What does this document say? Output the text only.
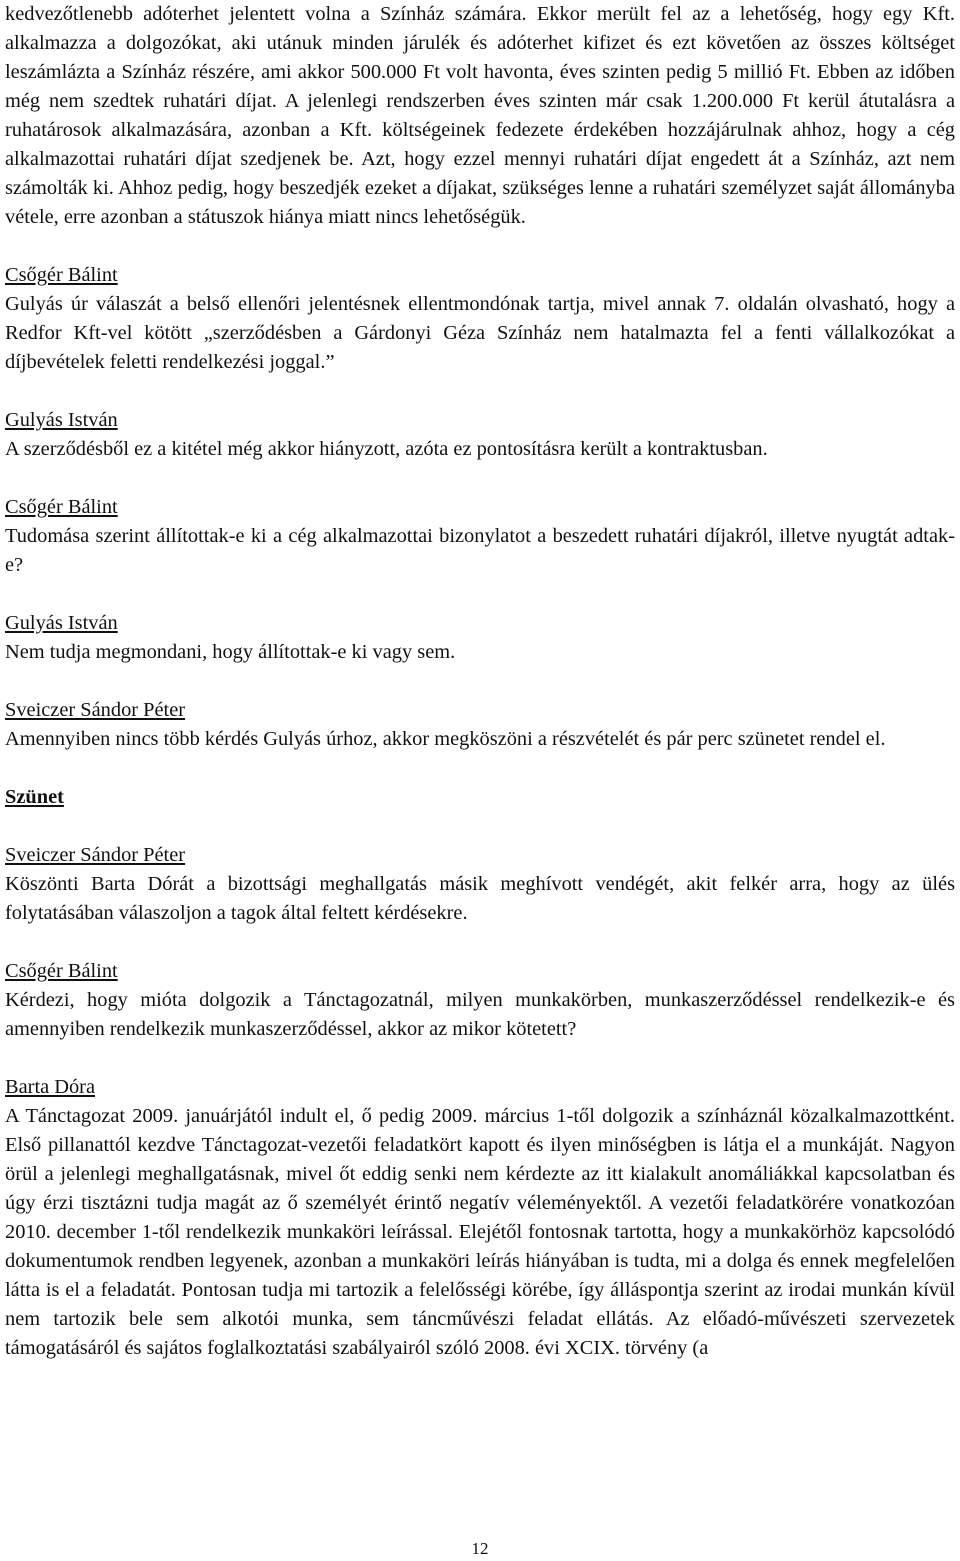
kedvezőtlenebb adóterhet jelentett volna a Színház számára. Ekkor merült fel az a lehetőség, hogy egy Kft. alkalmazza a dolgozókat, aki utánuk minden járulék és adóterhet kifizet és ezt követően az összes költséget leszámlázta a Színház részére, ami akkor 500.000 Ft volt havonta, éves szinten pedig 5 millió Ft. Ebben az időben még nem szedtek ruhatári díjat. A jelenlegi rendszerben éves szinten már csak 1.200.000 Ft kerül átutalásra a ruhatárosok alkalmazására, azonban a Kft. költségeinek fedezete érdekében hozzájárulnak ahhoz, hogy a cég alkalmazottai ruhatári díjat szedjenek be. Azt, hogy ezzel mennyi ruhatári díjat engedett át a Színház, azt nem számolták ki. Ahhoz pedig, hogy beszedjék ezeket a díjakat, szükséges lenne a ruhatári személyzet saját állományba vétele, erre azonban a státuszok hiánya miatt nincs lehetőségük.

Csőgér Bálint

Gulyás úr válaszát a belső ellenőri jelentésnek ellentmondónak tartja, mivel annak 7. oldalán olvasható, hogy a Redfor Kft-vel kötött „szerződésben a Gárdonyi Géza Színház nem hatalmazta fel a fenti vállalkozókat a díjbevételek feletti rendelkezési joggal.”

Gulyás István

A szerződésből ez a kitétel még akkor hiányzott, azóta ez pontosításra került a kontraktusban.

Csőgér Bálint

Tudomása szerint állítottak-e ki a cég alkalmazottai bizonylatot a beszedett ruhatári díjakról, illetve nyugtát adtak-e?

Gulyás István

Nem tudja megmondani, hogy állítottak-e ki vagy sem.

Sveiczer Sándor Péter

Amennyiben nincs több kérdés Gulyás úrhoz, akkor megköszöni a részvételét és pár perc szünetet rendel el.

Szünet

Sveiczer Sándor Péter

Köszönti Barta Dórát a bizottsági meghallgatás másik meghívott vendégét, akit felkér arra, hogy az ülés folytatásában válaszoljon a tagok által feltett kérdésekre.

Csőgér Bálint

Kérdezi, hogy mióta dolgozik a Tánctagozatnál, milyen munkakörben, munkaszerződéssel rendelkezik-e és amennyiben rendelkezik munkaszerződéssel, akkor az mikor kötetett?

Barta Dóra

A Tánctagozat 2009. januárjától indult el, ő pedig 2009. március 1-től dolgozik a színháznál közalkalmazottként. Első pillanattól kezdve Tánctagozat-vezetői feladatkört kapott és ilyen minőségben is látja el a munkáját. Nagyon örül a jelenlegi meghallgatásnak, mivel őt eddig senki nem kérdezte az itt kialakult anomáliákkal kapcsolatban és úgy érzi tisztázni tudja magát az ő személyét érintő negatív véleményektől. A vezetői feladatkörére vonatkozóan 2010. december 1-től rendelkezik munkaköri leírással. Elejétől fontosnak tartotta, hogy a munkakörhöz kapcsolódó dokumentumok rendben legyenek, azonban a munkaköri leírás hiányában is tudta, mi a dolga és ennek megfelelően látta is el a feladatát. Pontosan tudja mi tartozik a felelősségi körébe, így álláspontja szerint az irodai munkán kívül nem tartozik bele sem alkotói munka, sem táncművészi feladat ellátás. Az előadó-művészeti szervezetek támogatásáról és sajátos foglalkoztatási szabályairól szóló 2008. évi XCIX. törvény (a

12
